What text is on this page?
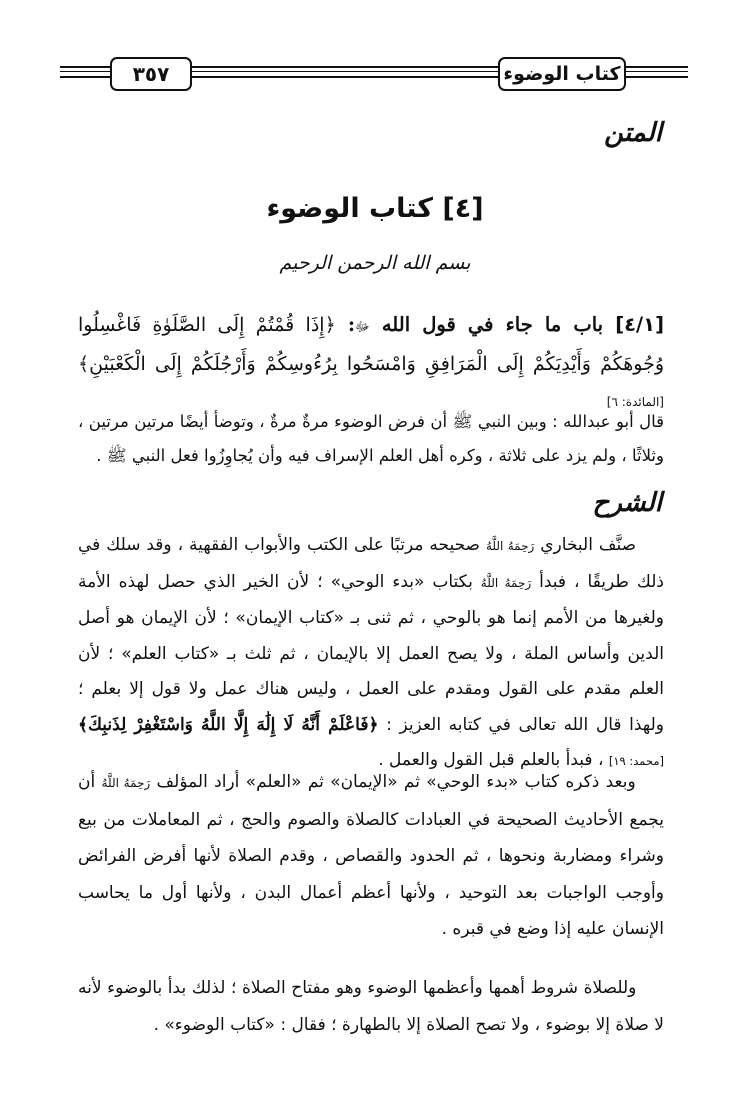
كتاب الوضوء
٣٥٧
المتن
[٤] كتاب الوضوء
بسم الله الرحمن الرحيم
[٤/١] باب ما جاء في قول الله ﷻ: ﴿إِذَا قُمْتُمْ إِلَى الصَّلَوٰةِ فَاغْسِلُوا وُجُوهَكُمْ وَأَيْدِيَكُمْ إِلَى الْمَرَافِقِ وَامْسَحُوا بِرُءُوسِكُمْ وَأَرْجُلَكُمْ إِلَى الْكَعْبَيْنِ﴾ [المائدة: ٦]
قال أبو عبدالله : وبين النبي ﷺ أن فرض الوضوء مرةٌ مرةٌ ، وتوضأ أيضًا مرتين مرتين ، وثلاثًا ، ولم يزد على ثلاثة ، وكره أهل العلم الإسراف فيه وأن يُجاوِزُوا فعل النبي ﷺ .
الشرح
صنَّف البخاري رَحِمَهُ اللَّهُ صحيحه مرتبًا على الكتب والأبواب الفقهية ، وقد سلك في ذلك طريقًا ، فبدأ رَحِمَهُ اللَّهُ بكتاب «بدء الوحي» ؛ لأن الخير الذي حصل لهذه الأمة ولغيرها من الأمم إنما هو بالوحي ، ثم ثنى بـ «كتاب الإيمان» ؛ لأن الإيمان هو أصل الدين وأساس الملة ، ولا يصح العمل إلا بالإيمان ، ثم ثلث بـ «كتاب العلم» ؛ لأن العلم مقدم على القول ومقدم على العمل ، وليس هناك عمل ولا قول إلا بعلم ؛ ولهذا قال الله تعالى في كتابه العزيز : ﴿فَاعْلَمْ أَنَّهُ لَا إِلَٰهَ إِلَّا اللَّهُ وَاسْتَغْفِرْ لِذَنبِكَ﴾ [محمد: ١٩] ، فبدأ بالعلم قبل القول والعمل .
وبعد ذكره كتاب «بدء الوحي» ثم «الإيمان» ثم «العلم» أراد المؤلف رَحِمَهُ اللَّهُ أن يجمع الأحاديث الصحيحة في العبادات كالصلاة والصوم والحج ، ثم المعاملات من بيع وشراء ومضاربة ونحوها ، ثم الحدود والقصاص ، وقدم الصلاة لأنها أفرض الفرائض وأوجب الواجبات بعد التوحيد ، ولأنها أعظم أعمال البدن ، ولأنها أول ما يحاسب الإنسان عليه إذا وضع في قبره .
وللصلاة شروط أهمها وأعظمها الوضوء وهو مفتاح الصلاة ؛ لذلك بدأ بالوضوء لأنه لا صلاة إلا بوضوء ، ولا تصح الصلاة إلا بالطهارة ؛ فقال : «كتاب الوضوء» .
